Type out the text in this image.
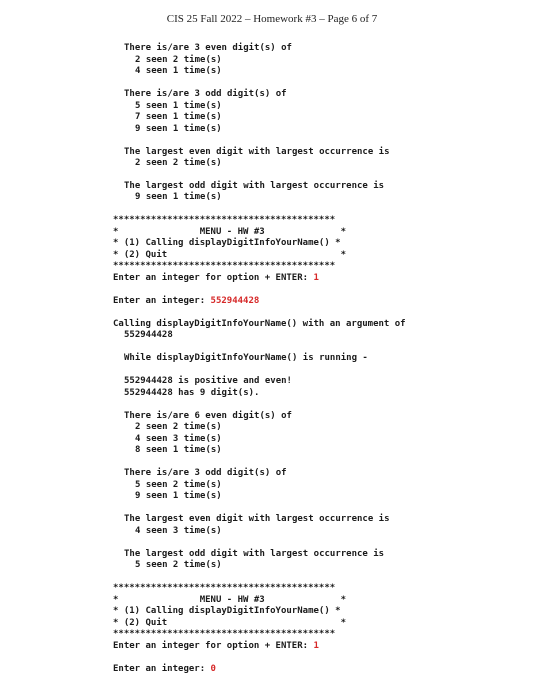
CIS 25 Fall 2022 – Homework #3 – Page 6 of 7
There is/are 3 even digit(s) of
2 seen 2 time(s)
4 seen 1 time(s)
There is/are 3 odd digit(s) of
5 seen 1 time(s)
7 seen 1 time(s)
9 seen 1 time(s)
The largest even digit with largest occurrence is
2 seen 2 time(s)
The largest odd digit with largest occurrence is
9 seen 1 time(s)
*****************************************
*               MENU - HW #3              *
* (1) Calling displayDigitInfoYourName() *
* (2) Quit                                *
*****************************************
Enter an integer for option + ENTER: 1
Enter an integer: 552944428
Calling displayDigitInfoYourName() with an argument of
552944428
While displayDigitInfoYourName() is running -
552944428 is positive and even!
552944428 has 9 digit(s).
There is/are 6 even digit(s) of
2 seen 2 time(s)
4 seen 3 time(s)
8 seen 1 time(s)
There is/are 3 odd digit(s) of
5 seen 2 time(s)
9 seen 1 time(s)
The largest even digit with largest occurrence is
4 seen 3 time(s)
The largest odd digit with largest occurrence is
5 seen 2 time(s)
*****************************************
*               MENU - HW #3              *
* (1) Calling displayDigitInfoYourName() *
* (2) Quit                                *
*****************************************
Enter an integer for option + ENTER: 1
Enter an integer: 0
